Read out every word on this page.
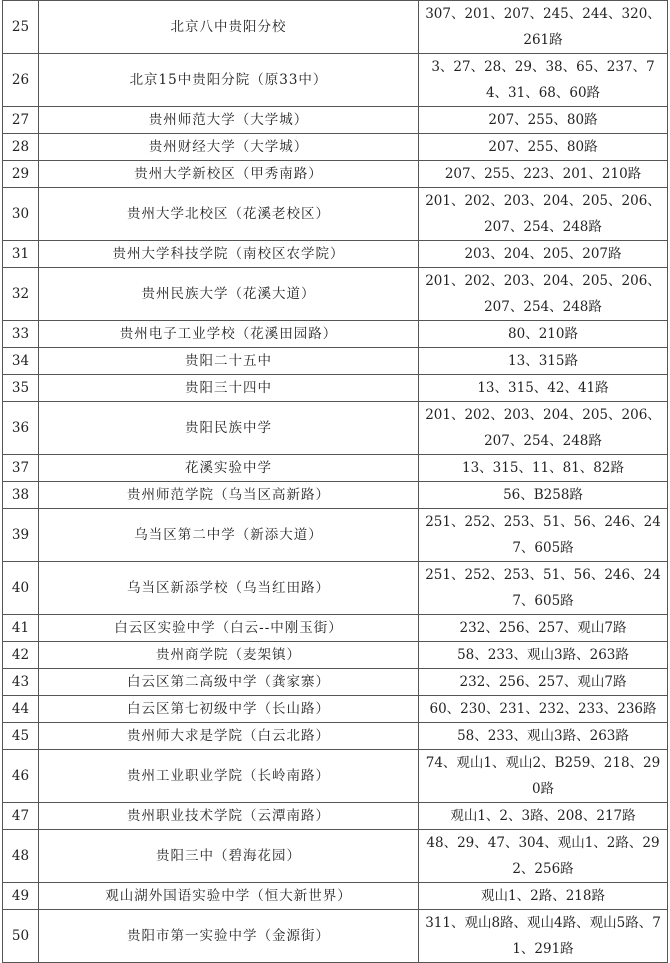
25	北京八中贵阳分校	307、201、207、245、244、320、261路
26	北京15中贵阳分院（原33中）	3、27、28、29、38、65、237、74、31、68、60路
27	贵州师范大学（大学城）	207、255、80路
28	贵州财经大学（大学城）	207、255、80路
29	贵州大学新校区（甲秀南路）	207、255、223、201、210路
30	贵州大学北校区（花溪老校区）	201、202、203、204、205、206、207、254、248路
31	贵州大学科技学院（南校区农学院）	203、204、205、207路
32	贵州民族大学（花溪大道）	201、202、203、204、205、206、207、254、248路
33	贵州电子工业学校（花溪田园路）	80、210路
34	贵阳二十五中	13、315路
35	贵阳三十四中	13、315、42、41路
36	贵阳民族中学	201、202、203、204、205、206、207、254、248路
37	花溪实验中学	13、315、11、81、82路
38	贵州师范学院（乌当区高新路）	56、B258路
39	乌当区第二中学（新添大道）	251、252、253、51、56、246、247、605路
40	乌当区新添学校（乌当红田路）	251、252、253、51、56、246、247、605路
41	白云区实验中学（白云--中刚玉街）	232、256、257、观山7路
42	贵州商学院（麦架镇）	58、233、观山3路、263路
43	白云区第二高级中学（龚家寨）	232、256、257、观山7路
44	白云区第七初级中学（长山路）	60、230、231、232、233、236路
45	贵州师大求是学院（白云北路）	58、233、观山3路、263路
46	贵州工业职业学院（长岭南路）	74、观山1、观山2、B259、218、290路
47	贵州职业技术学院（云潭南路）	观山1、2、3路、208、217路
48	贵阳三中（碧海花园）	48、29、47、304、观山1、2路、292、256路
49	观山湖外国语实验中学（恒大新世界）	观山1、2路、218路
50	贵阳市第一实验中学（金源街）	311、观山8路、观山4路、观山5路、71、291路
